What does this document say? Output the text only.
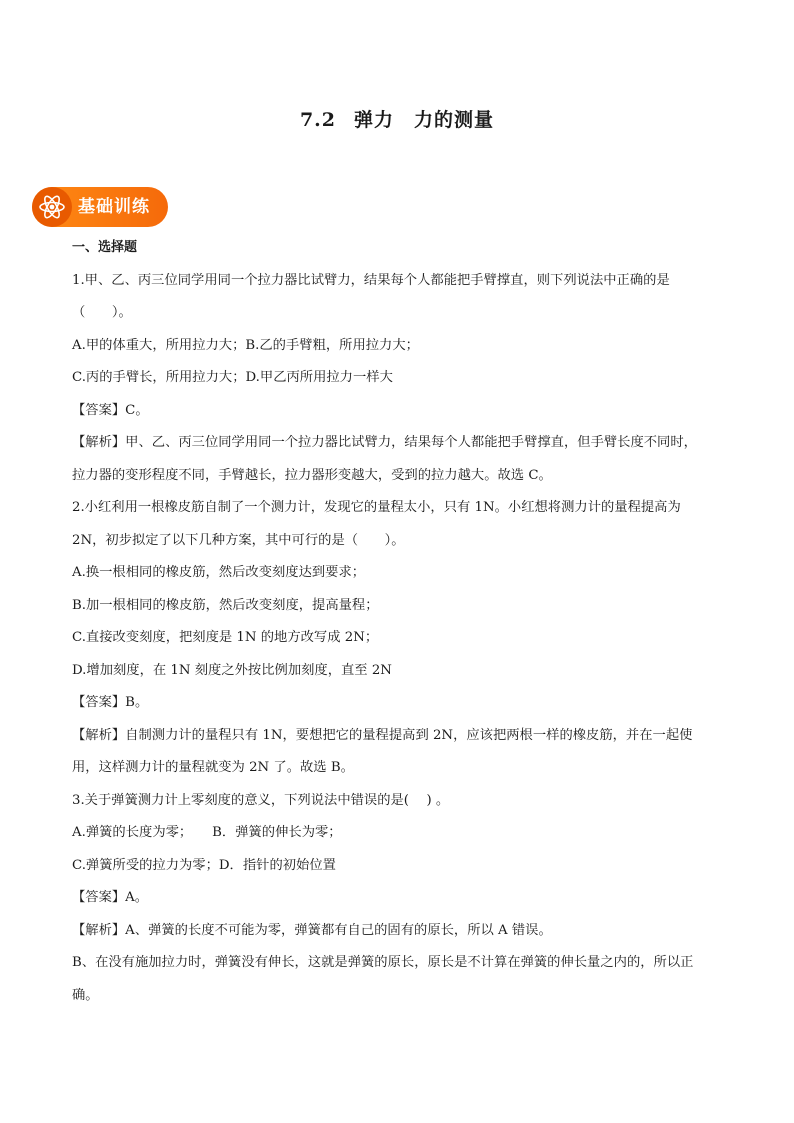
7.2 弹力　力的测量
基础训练
一、选择题
1.甲、乙、丙三位同学用同一个拉力器比试臂力，结果每个人都能把手臂撑直，则下列说法中正确的是
（　　）。
A.甲的体重大，所用拉力大；B.乙的手臂粗，所用拉力大；
C.丙的手臂长，所用拉力大；D.甲乙丙所用拉力一样大
【答案】C。
【解析】甲、乙、丙三位同学用同一个拉力器比试臂力，结果每个人都能把手臂撑直，但手臂长度不同时，
拉力器的变形程度不同，手臂越长，拉力器形变越大，受到的拉力越大。故选 C。
2.小红利用一根橡皮筋自制了一个测力计，发现它的量程太小，只有 1N。小红想将测力计的量程提高为
2N，初步拟定了以下几种方案，其中可行的是（　　）。
A.换一根相同的橡皮筋，然后改变刻度达到要求；
B.加一根相同的橡皮筋，然后改变刻度，提高量程；
C.直接改变刻度，把刻度是 1N 的地方改写成 2N；
D.增加刻度，在 1N 刻度之外按比例加刻度，直至 2N
【答案】B。
【解析】自制测力计的量程只有 1N，要想把它的量程提高到 2N，应该把两根一样的橡皮筋，并在一起使
用，这样测力计的量程就变为 2N 了。故选 B。
3.关于弹簧测力计上零刻度的意义，下列说法中错误的是(　 ) 。
A.弹簧的长度为零；　　B．弹簧的伸长为零；
C.弹簧所受的拉力为零；D．指针的初始位置
【答案】A。
【解析】A、弹簧的长度不可能为零，弹簧都有自己的固有的原长，所以 A 错误。
B、在没有施加拉力时，弹簧没有伸长，这就是弹簧的原长，原长是不计算在弹簧的伸长量之内的，所以正
确。
